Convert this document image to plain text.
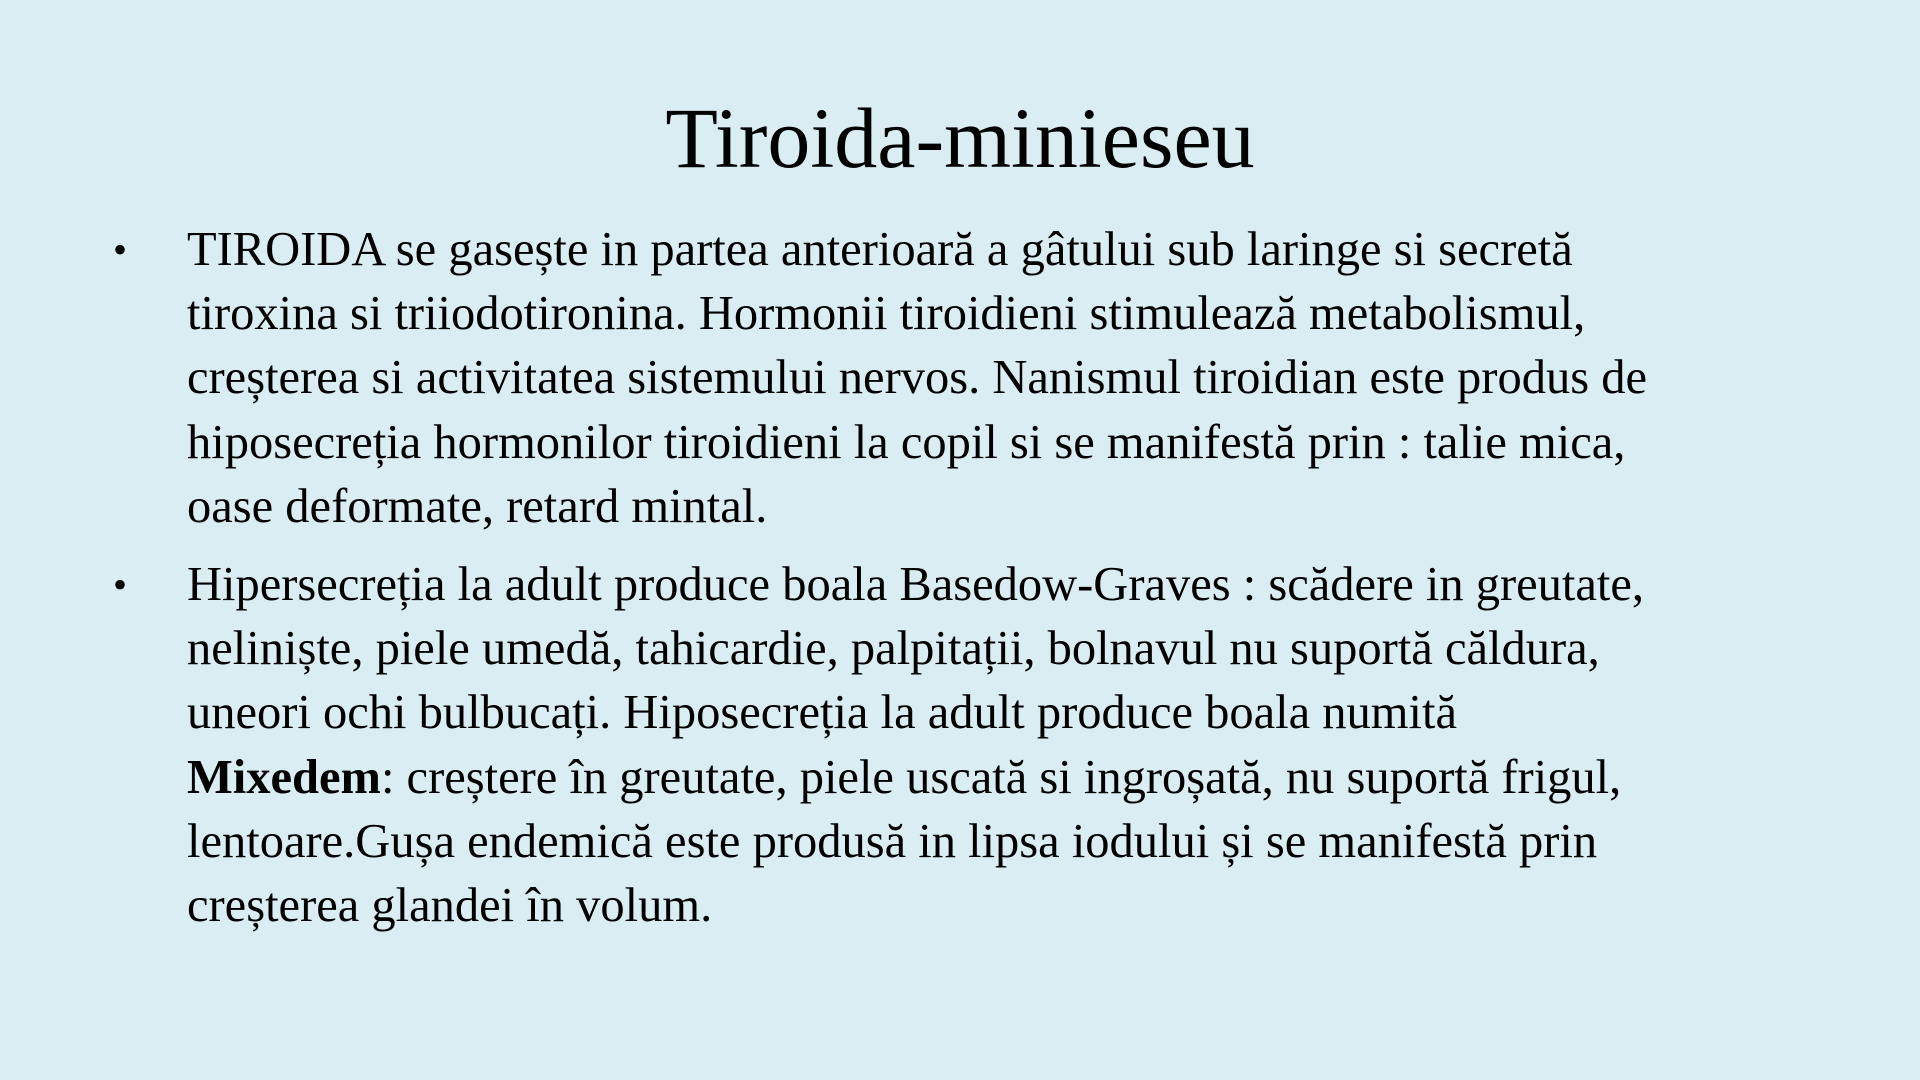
Tiroida-minieseu
• TIROIDA se gasește in partea anterioară a gâtului sub laringe si secretă
tiroxina si triiodotironina. Hormonii tiroidieni stimulează metabolismul,
creșterea si activitatea sistemului nervos. Nanismul tiroidian este produs de
hiposecreția hormonilor tiroidieni la copil si se manifestă prin : talie mica,
oase deformate, retard mintal.
• Hipersecreția la adult produce boala Basedow-Graves : scădere in greutate,
neliniște, piele umedă, tahicardie, palpitații, bolnavul nu suportă căldura,
uneori ochi bulbucați. Hiposecreția la adult produce boala numită
Mixedem: creștere în greutate, piele uscată si ingroșată, nu suportă frigul,
lentoare.Gușa endemică este produsă in lipsa iodului și se manifestă prin
creșterea glandei în volum.
